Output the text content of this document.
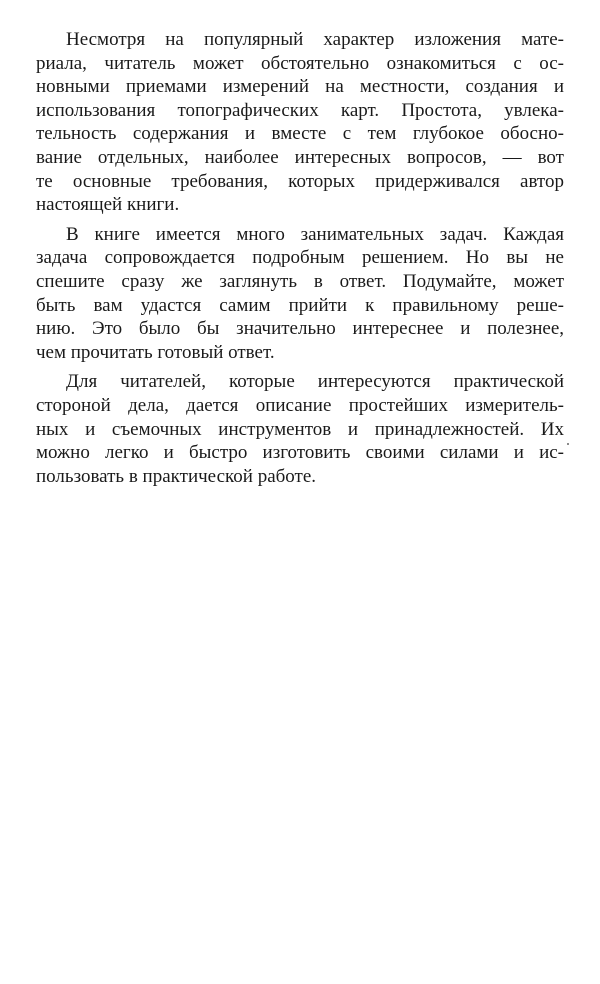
Несмотря на популярный характер изложения мате-
риала, читатель может обстоятельно ознакомиться с ос-
новными приемами измерений на местности, создания и
использования топографических карт. Простота, увлека-
тельность содержания и вместе с тем глубокое обосно-
вание отдельных, наиболее интересных вопросов, — вот
те основные требования, которых придерживался автор
настоящей книги.

В книге имеется много занимательных задач. Каждая
задача сопровождается подробным решением. Но вы не
спешите сразу же заглянуть в ответ. Подумайте, может
быть вам удастся самим прийти к правильному реше-
нию. Это было бы значительно интереснее и полезнее,
чем прочитать готовый ответ.

Для читателей, которые интересуются практической
стороной дела, дается описание простейших измеритель-
ных и съемочных инструментов и принадлежностей. Их
можно легко и быстро изготовить своими силами и ис-
пользовать в практической работе.
